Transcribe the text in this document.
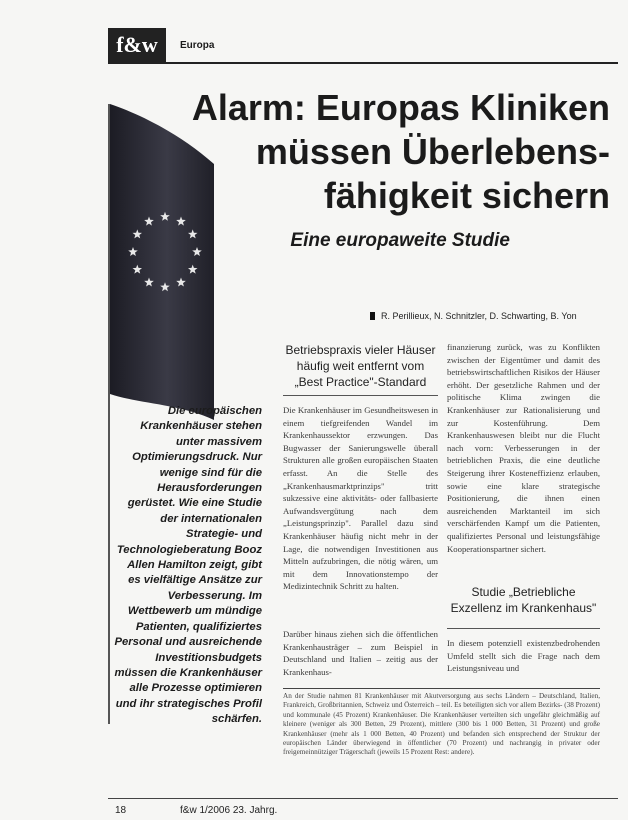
f&w	Europa
Alarm: Europas Kliniken müssen Überlebens-fähigkeit sichern
Eine europaweite Studie
R. Perillieux, N. Schnitzler, D. Schwarting, B. Yon
Die europäischen Krankenhäuser stehen unter massivem Optimierungsdruck. Nur wenige sind für die Herausforderungen gerüstet. Wie eine Studie der internationalen Strategie- und Technologieberatung Booz Allen Hamilton zeigt, gibt es vielfältige Ansätze zur Verbesserung. Im Wettbewerb um mündige Patienten, qualifiziertes Personal und ausreichende Investitionsbudgets müssen die Krankenhäuser alle Prozesse optimieren und ihr strategisches Profil schärfen.
Betriebspraxis vieler Häuser häufig weit entfernt vom „Best Practice"-Standard

Die Krankenhäuser im Gesundheitswesen in einem tiefgreifenden Wandel im Krankenhaussektor erzwungen. Das Bugwasser der Sanierungswelle überall Strukturen alle großen europäischen Staaten erfasst. An die Stelle des „Krankenhausmarktprinzips" tritt sukzessive eine aktivitäts- oder fallbasierte Aufwandsvergütung nach dem „Leistungsprinzip". Parallel dazu sind Krankenhäuser häufig nicht mehr in der Lage, die notwendigen Investitionen aus Mitteln aufzubringen, die nötig wären, um mit dem Innovationstempo der Medizintechnik Schritt zu halten.

Darüber hinaus ziehen sich die öffentlichen Krankenhausträger – zum Beispiel in Deutschland und Italien – zeitig aus der Krankenhaus-

finanzierung zurück, was zu Konflikten zwischen der Eigentümer und damit des betriebswirtschaftlichen Risikos der Häuser erhöht. Der gesetzliche Rahmen und der politische Klima zwingen die Krankenhäuser zur Rationalisierung und zur Kostenführung. Dem Krankenhauswesen bleibt nur die Flucht nach vorn: Verbesserungen in der betrieblichen Praxis, die eine deutliche Steigerung ihrer Kosteneffizienz erlauben, sowie eine klare strategische Positionierung, die ihnen einen ausreichenden Marktanteil im sich verschärfenden Kampf um die Patienten, qualifiziertes Personal und leistungsfähige Kooperationspartner sichert.

Studie „Betriebliche Exzellenz im Krankenhaus"

In diesem potenziell existenzbedrohenden Umfeld stellt sich die Frage nach dem Leistungsniveau und

An der Studie nahmen 81 Krankenhäuser mit Akutversorgung aus sechs Ländern – Deutschland, Italien, Frankreich, Großbritannien, Schweiz und Österreich – teil. Es beteiligten sich vor allem Bezirks- (38 Prozent) und kommunale (45 Prozent) Krankenhäuser. Die Krankenhäuser verteilten sich ungefähr gleichmäßig auf kleinere (weniger als 300 Betten, 29 Prozent), mittlere (300 bis 1 000 Betten, 31 Prozent) und große Krankenhäuser (mehr als 1 000 Betten, 40 Prozent) und befanden sich entsprechend der Struktur der europäischen Länder überwiegend in öffentlicher (70 Prozent) und nachrangig in privater oder freigemeinnütziger Trägerschaft (jeweils 15 Prozent Rest: andere).
18	f&w 1/2006 23. Jahrg.
